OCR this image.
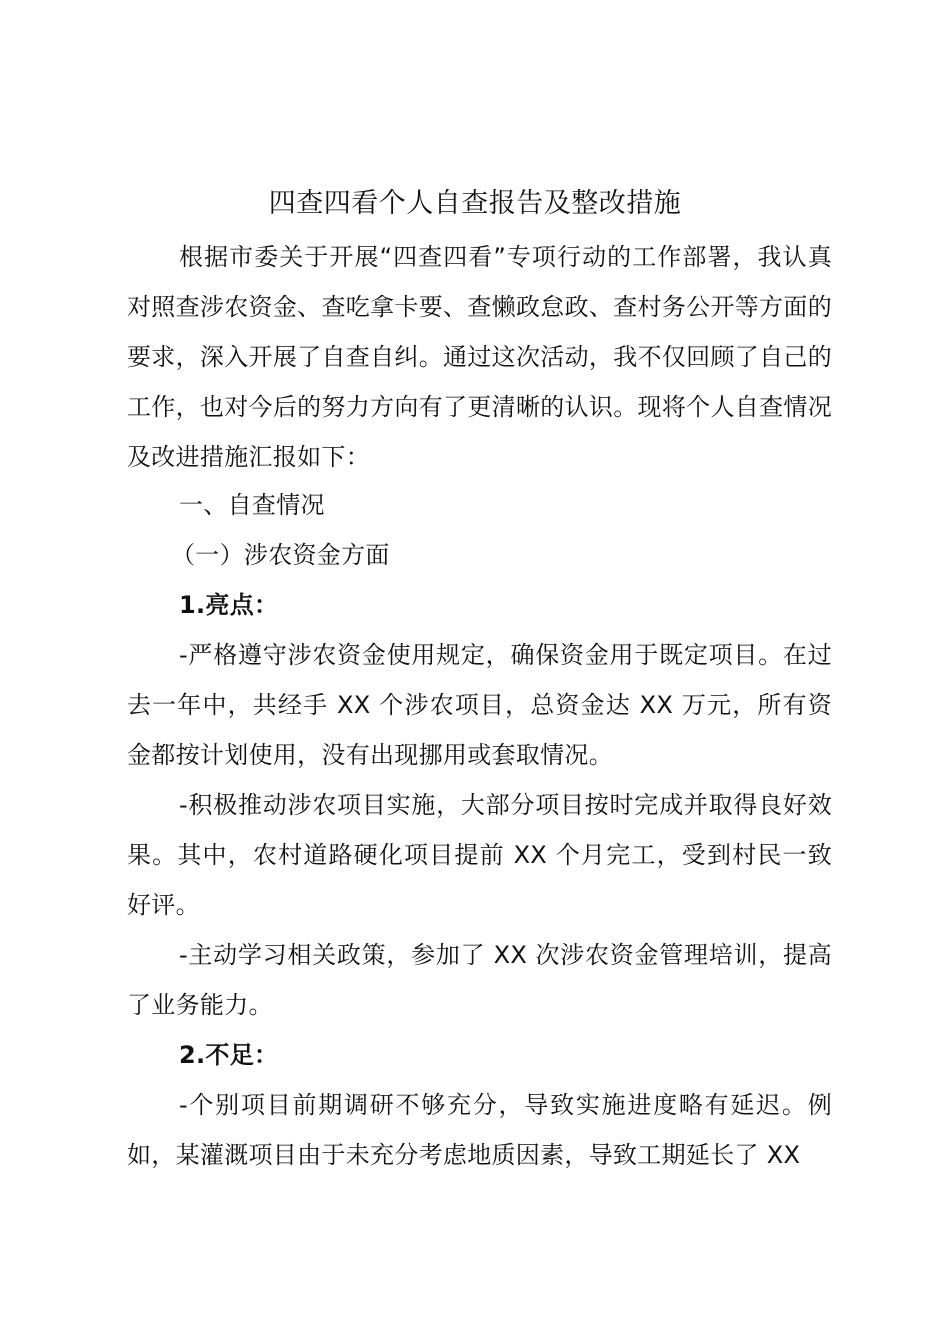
四查四看个人自查报告及整改措施

根据市委关于开展“四查四看”专项行动的工作部署，我认真对照查涉农资金、查吃拿卡要、查懒政怠政、查村务公开等方面的要求，深入开展了自查自纠。通过这次活动，我不仅回顾了自己的工作，也对今后的努力方向有了更清晰的认识。现将个人自查情况及改进措施汇报如下：

一、自查情况
（一）涉农资金方面
1.亮点：

-严格遵守涉农资金使用规定，确保资金用于既定项目。在过去一年中，共经手 XX 个涉农项目，总资金达 XX 万元，所有资金都按计划使用，没有出现挪用或套取情况。

-积极推动涉农项目实施，大部分项目按时完成并取得良好效果。其中，农村道路硬化项目提前 XX 个月完工，受到村民一致好评。

-主动学习相关政策，参加了 XX 次涉农资金管理培训，提高了业务能力。

2.不足：

-个别项目前期调研不够充分，导致实施进度略有延迟。例如，某灌溉项目由于未充分考虑地质因素，导致工期延长了 XX
